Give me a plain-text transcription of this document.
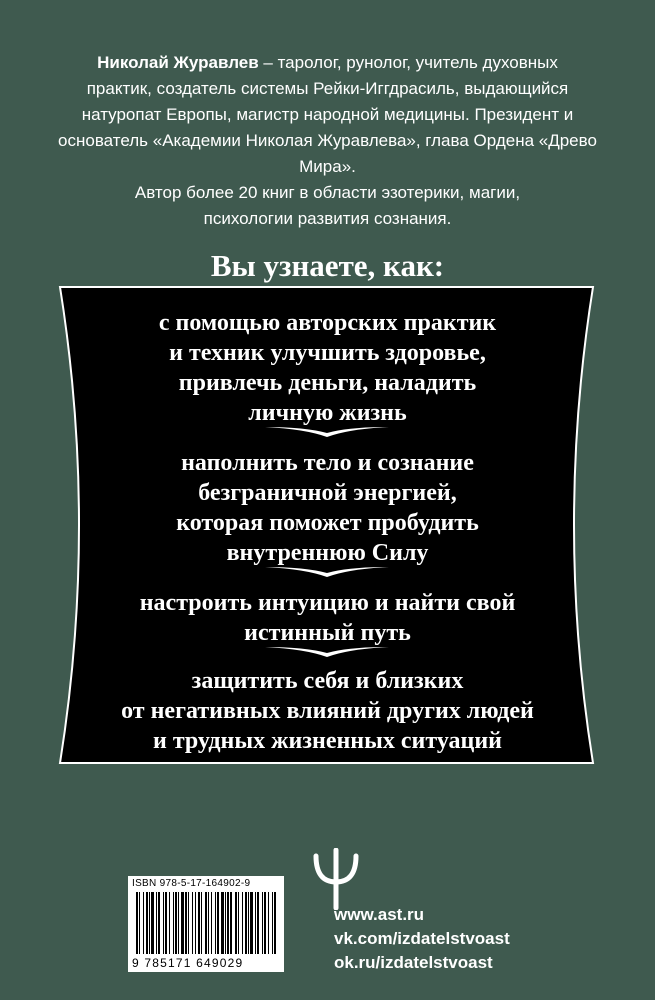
Николай Журавлев – таролог, рунолог, учитель духовных
практик, создатель системы Рейки-Иггдрасиль, выдающийся
натуропат Европы, магистр народной медицины. Президент и
основатель «Академии Николая Журавлева», глава Ордена «Древо
Мира».
Автор более 20 книг в области эзотерики, магии,
психологии развития сознания.
Вы узнаете, как:
с помощью авторских практик
и техник улучшить здоровье,
привлечь деньги, наладить
личную жизнь
наполнить тело и сознание
безграничной энергией,
которая поможет пробудить
внутреннюю Силу
настроить интуицию и найти свой
истинный путь
защитить себя и близких
от негативных влияний других людей
и трудных жизненных ситуаций
ISBN 978-5-17-164902-9
9 785171 649029
www.ast.ru
vk.com/izdatelstvoast
ok.ru/izdatelstvoast
